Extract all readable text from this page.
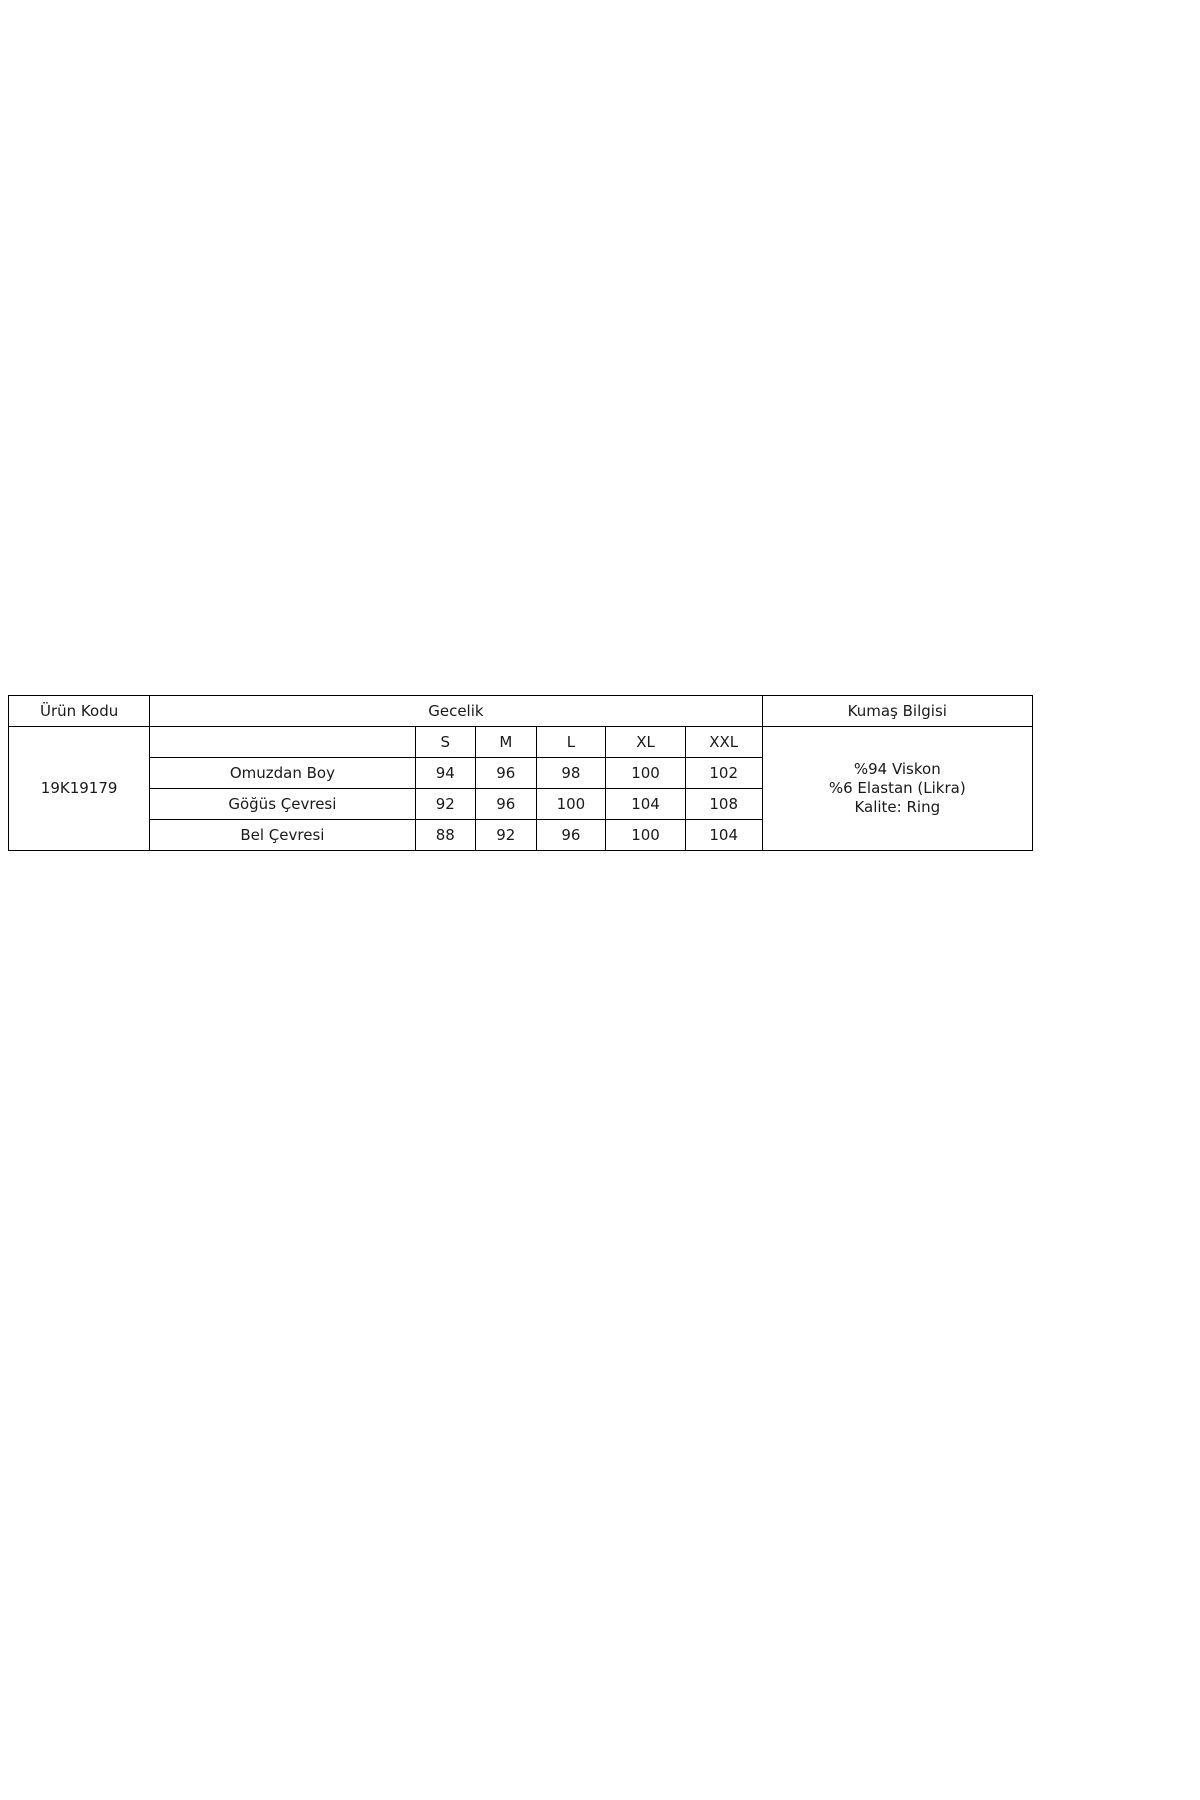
Ürün Kodu	Gecelik						Kumaş Bilgisi
19K19179		S	M	L	XL	XXL	%94 Viskon
%6 Elastan (Likra)
Kalite: Ring

	Omuzdan Boy	94	96	98	100	102	
	Göğüs Çevresi	92	96	100	104	108	
	Bel Çevresi	88	92	96	100	104	
